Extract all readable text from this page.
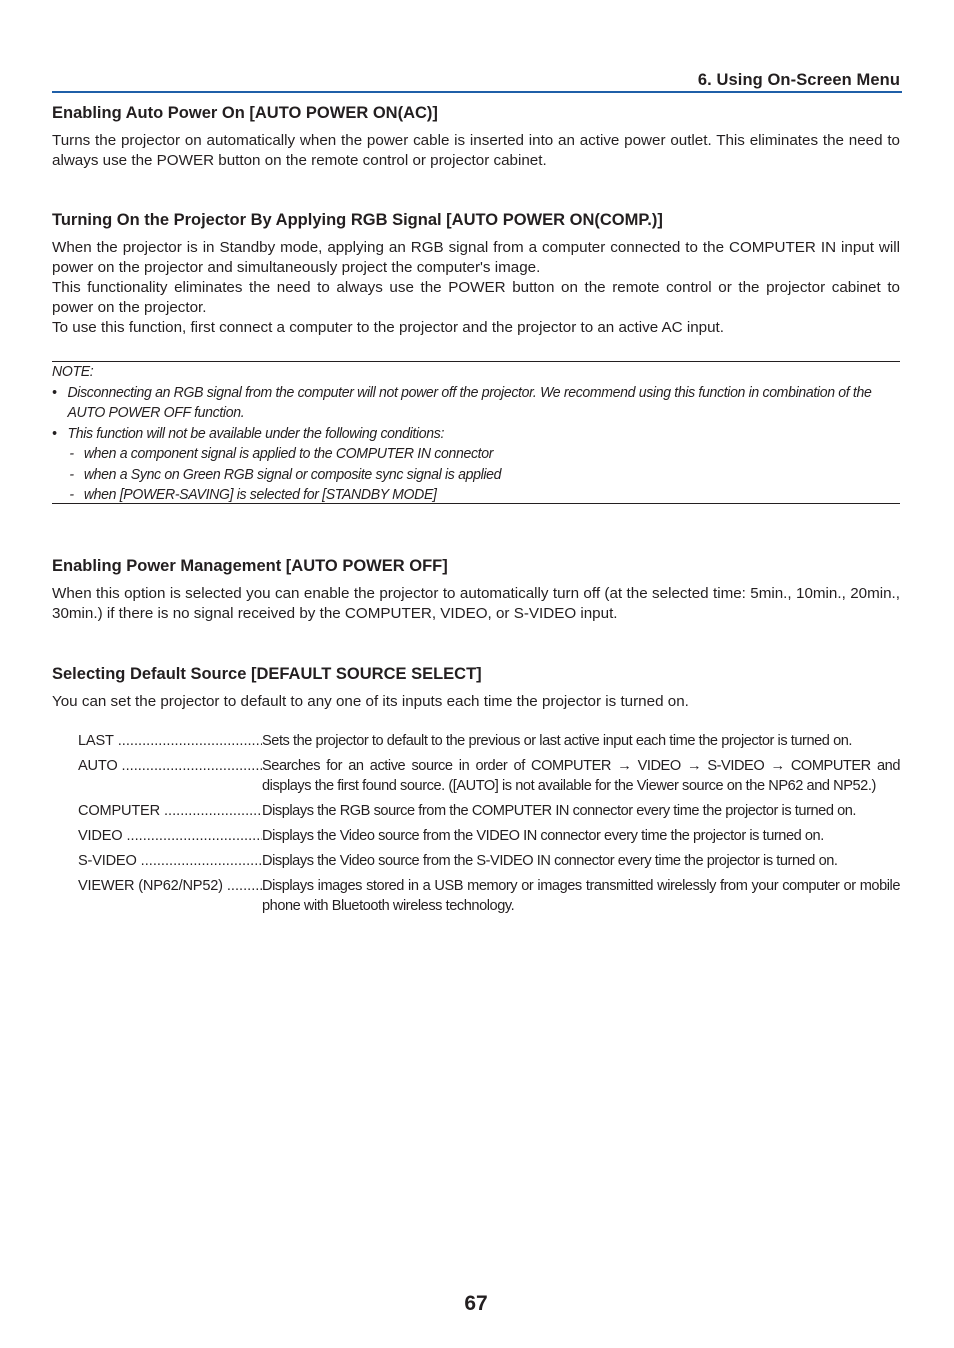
6. Using On-Screen Menu
Enabling Auto Power On [AUTO POWER ON(AC)]

Turns the projector on automatically when the power cable is inserted into an active power outlet. This eliminates the need to always use the POWER button on the remote control or projector cabinet.

Turning On the Projector By Applying RGB Signal [AUTO POWER ON(COMP.)]

When the projector is in Standby mode, applying an RGB signal from a computer connected to the COMPUTER IN input will power on the projector and simultaneously project the computer's image.

This functionality eliminates the need to always use the POWER button on the remote control or the projector cabinet to power on the projector.

To use this function, first connect a computer to the projector and the projector to an active AC input.

NOTE:
• Disconnecting an RGB signal from the computer will not power off the projector. We recommend using this function in combination of the AUTO POWER OFF function.
• This function will not be available under the following conditions:
- when a component signal is applied to the COMPUTER IN connector
- when a Sync on Green RGB signal or composite sync signal is applied
- when [POWER-SAVING] is selected for [STANDBY MODE]
Enabling Power Management [AUTO POWER OFF]

When this option is selected you can enable the projector to automatically turn off (at the selected time: 5min., 10min., 20min., 30min.) if there is no signal received by the COMPUTER, VIDEO, or S-VIDEO input.

Selecting Default Source [DEFAULT SOURCE SELECT]

You can set the projector to default to any one of its inputs each time the projector is turned on.

LAST .....	Sets the projector to default to the previous or last active input each time the projector is turned on.
AUTO .....	Searches for an active source in order of COMPUTER → VIDEO → S-VIDEO → COMPUTER and displays the first found source. ([AUTO] is not available for the Viewer source on the NP62 and NP52.)
COMPUTER .....	Displays the RGB source from the COMPUTER IN connector every time the projector is turned on.
VIDEO .....	Displays the Video source from the VIDEO IN connector every time the projector is turned on.
S-VIDEO .....	Displays the Video source from the S-VIDEO IN connector every time the projector is turned on.
VIEWER (NP62/NP52) .....	Displays images stored in a USB memory or images transmitted wirelessly from your computer or mobile phone with Bluetooth wireless technology.
67
